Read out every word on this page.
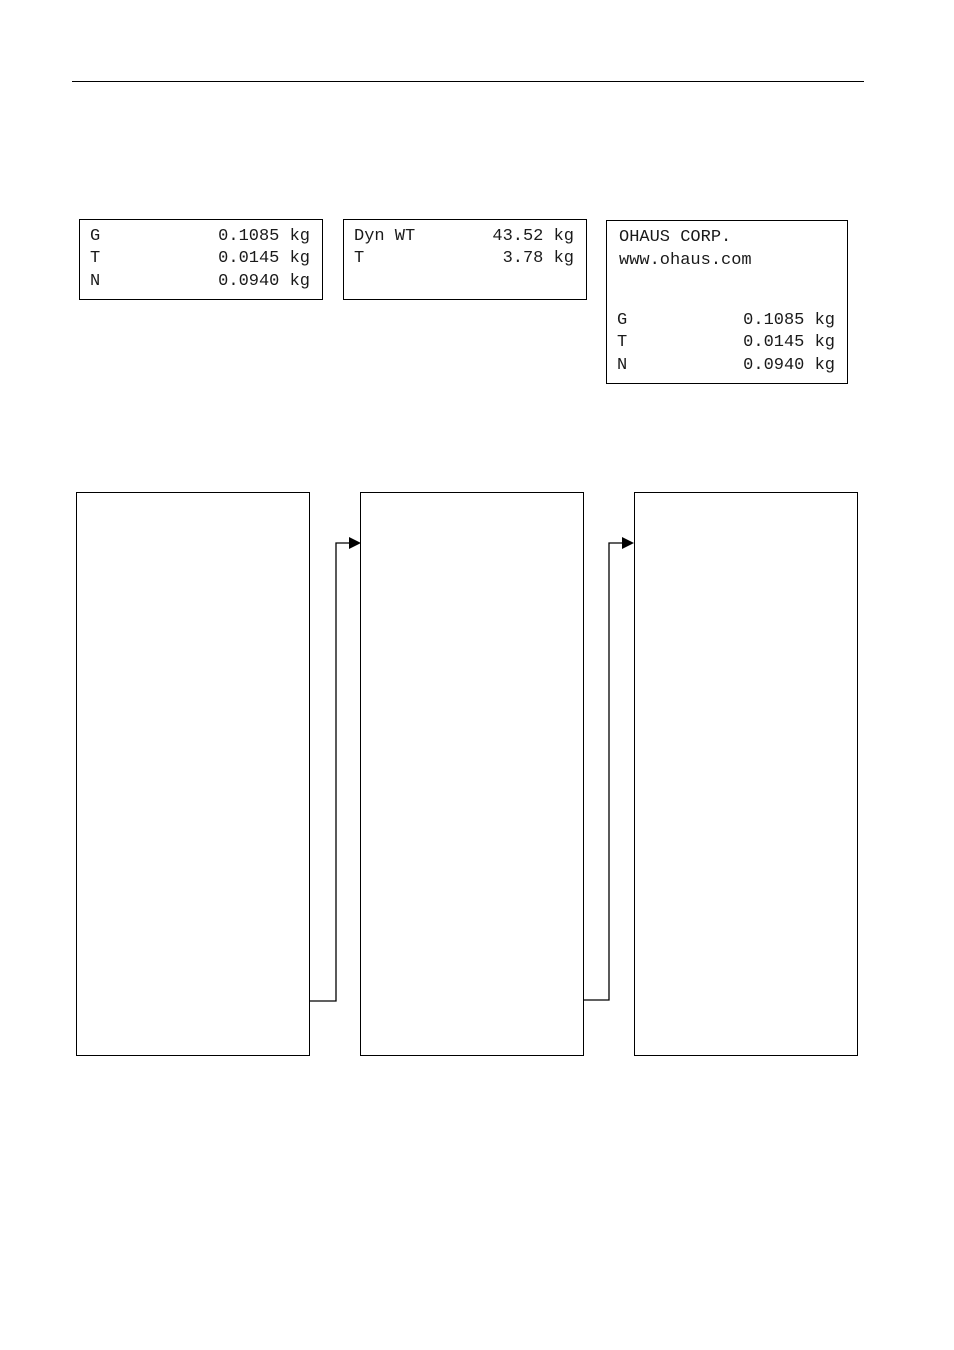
G	0.1085 kg
T	0.0145 kg
N	0.0940 kg
Dyn WT	43.52 kg
T	3.78 kg
OHAUS CORP.
www.ohaus.com
G	0.1085 kg
T	0.0145 kg
N	0.0940 kg
